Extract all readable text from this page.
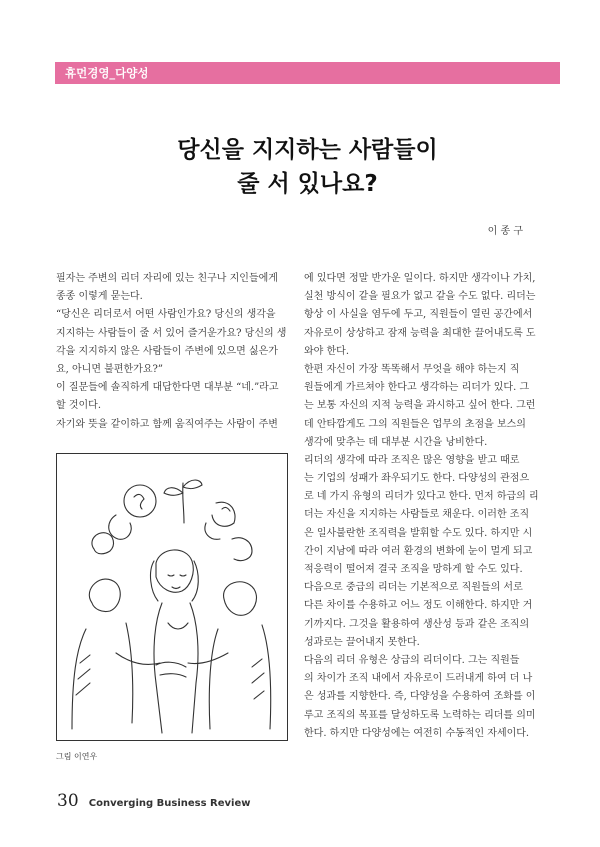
휴먼경영_다양성
당신을 지지하는 사람들이
줄 서 있나요?
이 종 구
필자는 주변의 리더 자리에 있는 친구나 지인들에게
종종 이렇게 묻는다.
“당신은 리더로서 어떤 사람인가요? 당신의 생각을
지지하는 사람들이 줄 서 있어 즐거운가요? 당신의 생
각을 지지하지 않은 사람들이 주변에 있으면 싫은가
요, 아니면 불편한가요?”
이 질문들에 솔직하게 대답한다면 대부분 “네.”라고
할 것이다.
자기와 뜻을 같이하고 함께 움직여주는 사람이 주변
그림 이연우
에 있다면 정말 반가운 일이다. 하지만 생각이나 가치,
실천 방식이 같을 필요가 없고 같을 수도 없다. 리더는
항상 이 사실을 염두에 두고, 직원들이 열린 공간에서
자유로이 상상하고 잠재 능력을 최대한 끌어내도록 도
와야 한다.
한편 자신이 가장 똑똑해서 무엇을 해야 하는지 직
원들에게 가르쳐야 한다고 생각하는 리더가 있다. 그
는 보통 자신의 지적 능력을 과시하고 싶어 한다. 그런
데 안타깝게도 그의 직원들은 업무의 초점을 보스의
생각에 맞추는 데 대부분 시간을 낭비한다.
리더의 생각에 따라 조직은 많은 영향을 받고 때로
는 기업의 성패가 좌우되기도 한다. 다양성의 관점으
로 네 가지 유형의 리더가 있다고 한다. 먼저 하급의 리
더는 자신을 지지하는 사람들로 채운다. 이러한 조직
은 일사불란한 조직력을 발휘할 수도 있다. 하지만 시
간이 지남에 따라 여러 환경의 변화에 눈이 멀게 되고
적응력이 떨어져 결국 조직을 망하게 할 수도 있다.
다음으로 중급의 리더는 기본적으로 직원들의 서로
다른 차이를 수용하고 어느 정도 이해한다. 하지만 거
기까지다. 그것을 활용하여 생산성 등과 같은 조직의
성과로는 끌어내지 못한다.
다음의 리더 유형은 상급의 리더이다. 그는 직원들
의 차이가 조직 내에서 자유로이 드러내게 하여 더 나
은 성과를 지향한다. 즉, 다양성을 수용하여 조화를 이
루고 조직의 목표를 달성하도록 노력하는 리더를 의미
한다. 하지만 다양성에는 여전히 수동적인 자세이다.
30 Converging Business Review
